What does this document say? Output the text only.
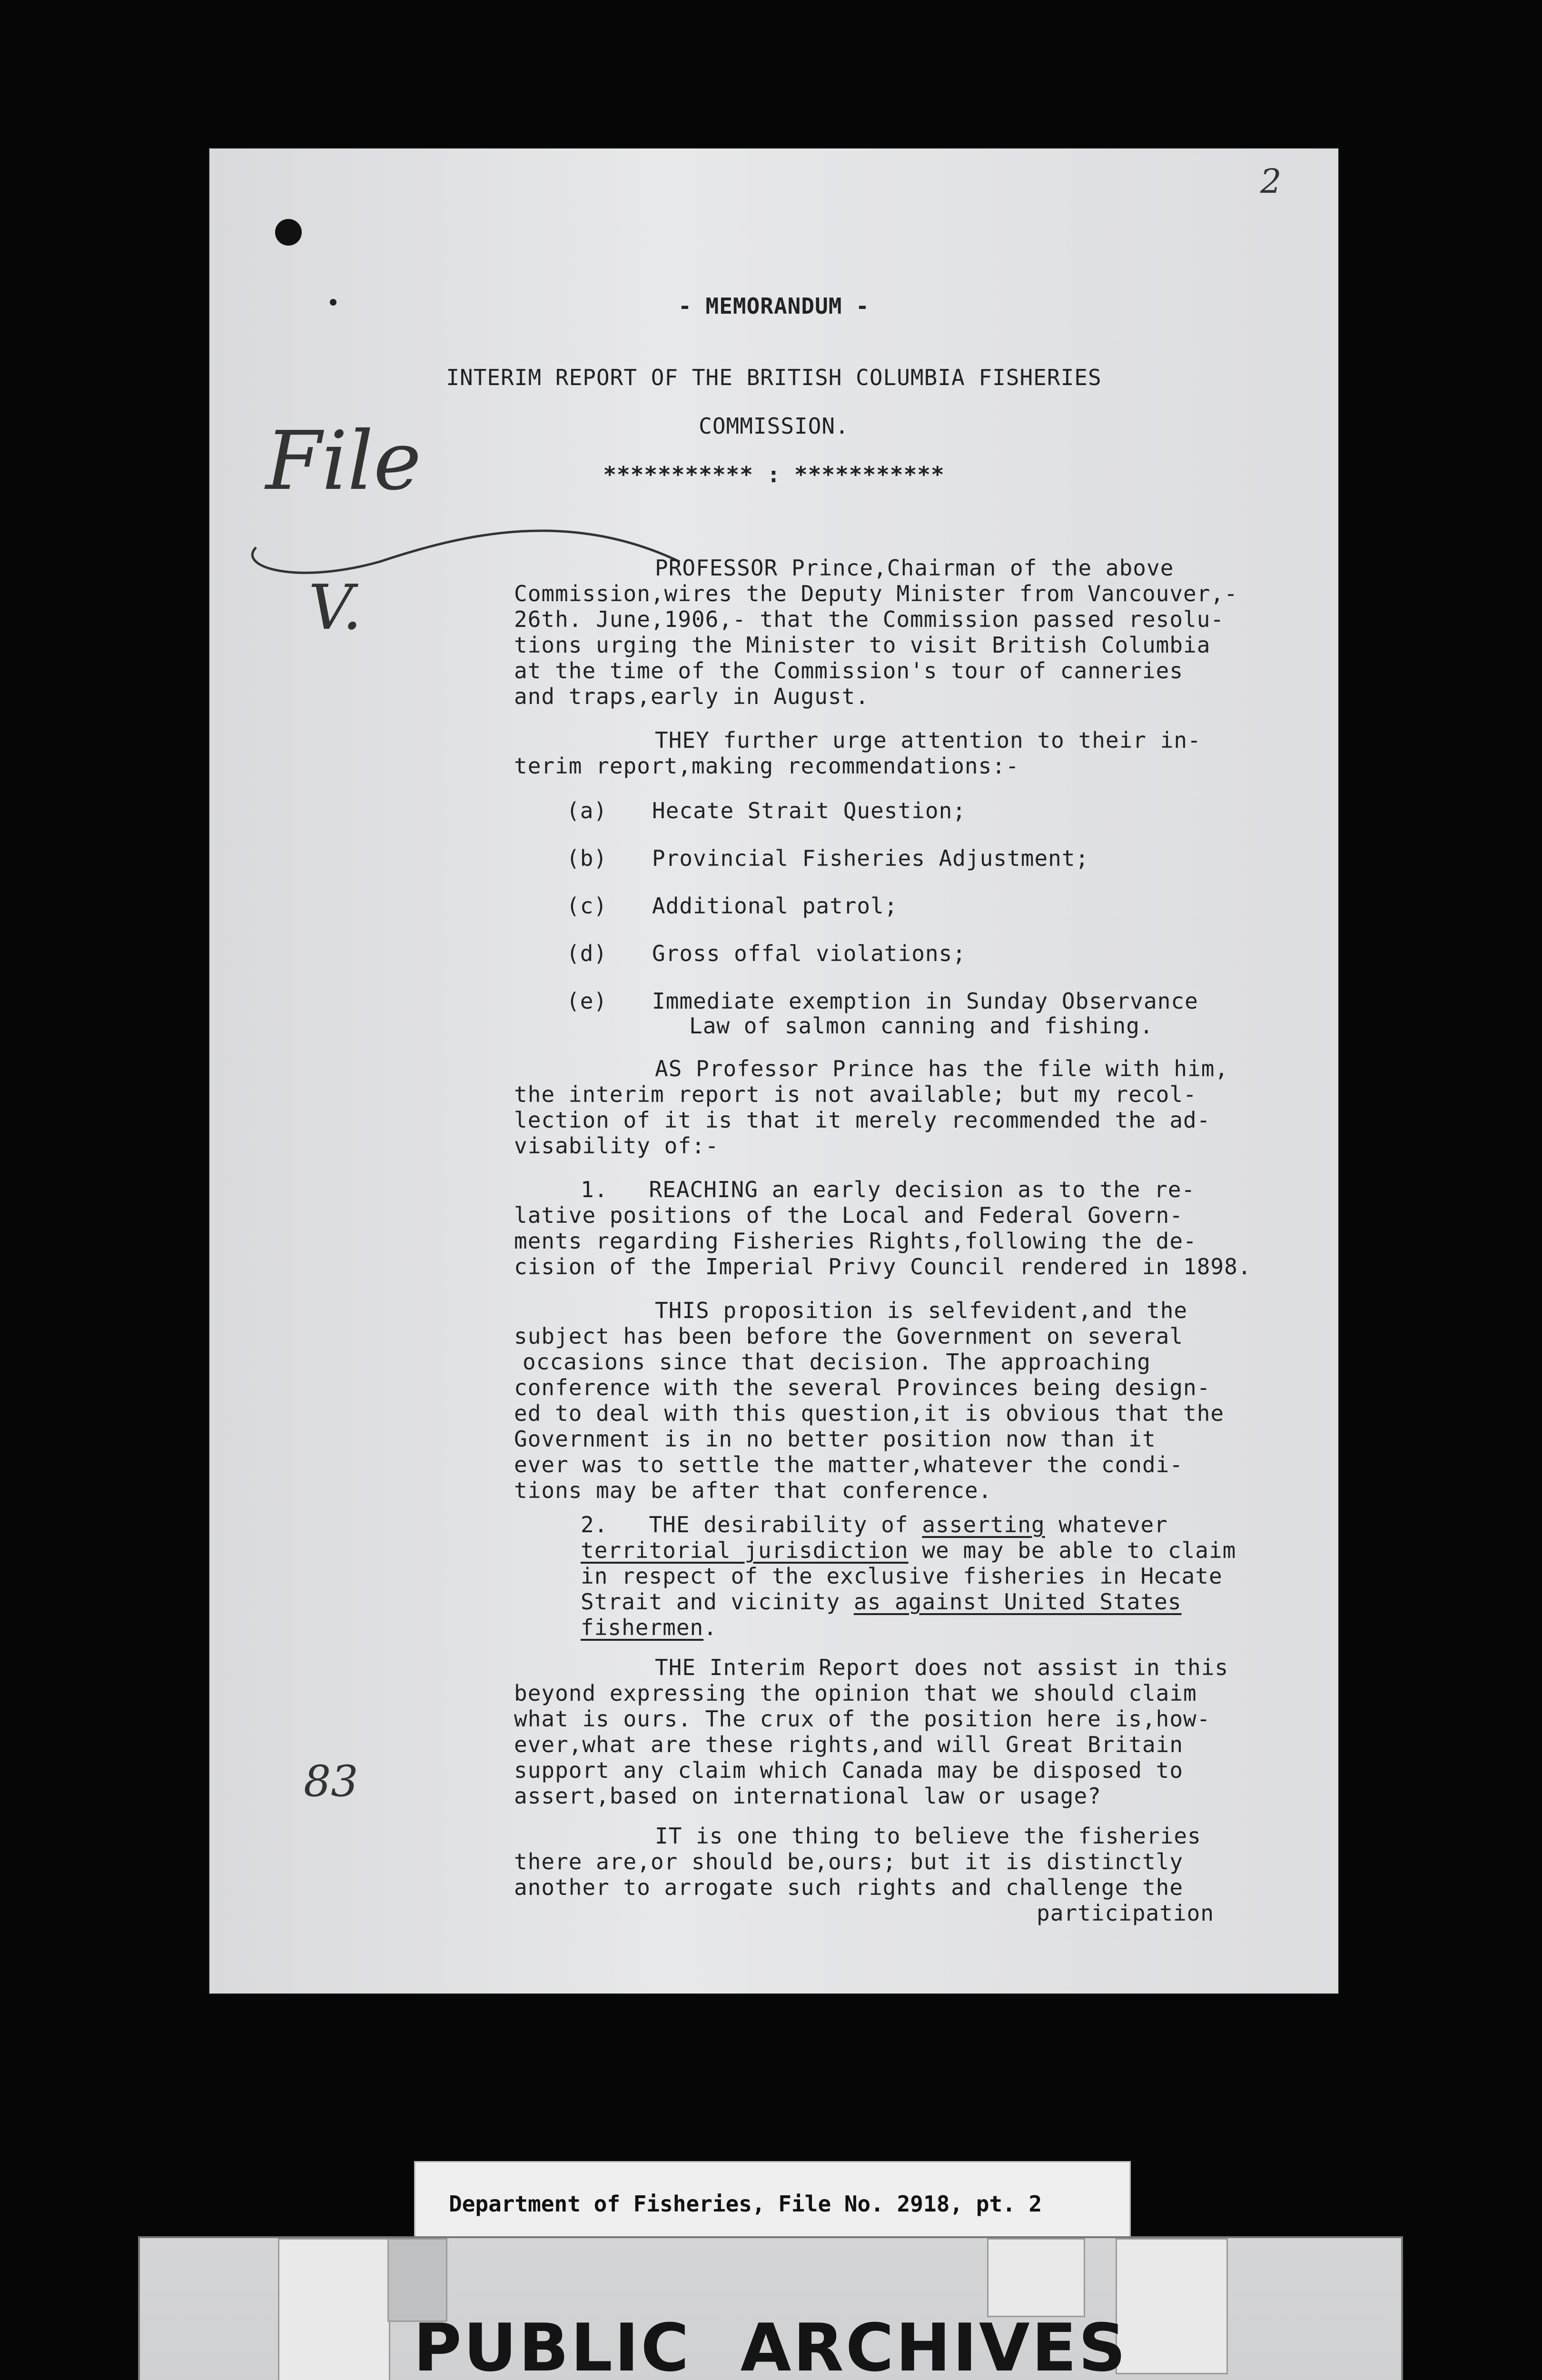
2
- MEMORANDUM -
INTERIM REPORT OF THE BRITISH COLUMBIA FISHERIES
COMMISSION.
*********** : ***********
File
V.
PROFESSOR Prince,Chairman of the above
Commission,wires the Deputy Minister from Vancouver,-
26th. June,1906,- that the Commission passed resolu-
tions urging the Minister to visit British Columbia
at the time of the Commission's tour of canneries
and traps,early in August.
THEY further urge attention to their in-
terim report,making recommendations:-
(a) Hecate Strait Question;
(b) Provincial Fisheries Adjustment;
(c) Additional patrol;
(d) Gross offal violations;
(e) Immediate exemption in Sunday Observance
Law of salmon canning and fishing.
AS Professor Prince has the file with him,
the interim report is not available; but my recol-
lection of it is that it merely recommended the ad-
visability of:-
1.   REACHING an early decision as to the re-
lative positions of the Local and Federal Govern-
ments regarding Fisheries Rights,following the de-
cision of the Imperial Privy Council rendered in 1898.
THIS proposition is selfevident,and the
subject has been before the Government on several
occasions since that decision. The approaching
conference with the several Provinces being design-
ed to deal with this question,it is obvious that the
Government is in no better position now than it
ever was to settle the matter,whatever the condi-
tions may be after that conference.
2.   THE desirability of asserting whatever
territorial jurisdiction we may be able to claim
in respect of the exclusive fisheries in Hecate
Strait and vicinity as against United States
fishermen.
THE Interim Report does not assist in this
beyond expressing the opinion that we should claim
what is ours. The crux of the position here is,how-
ever,what are these rights,and will Great Britain
support any claim which Canada may be disposed to
assert,based on international law or usage?
83
IT is one thing to believe the fisheries
there are,or should be,ours; but it is distinctly
another to arrogate such rights and challenge the
participation
Department of Fisheries, File No. 2918, pt. 2
PUBLIC  ARCHIVES
